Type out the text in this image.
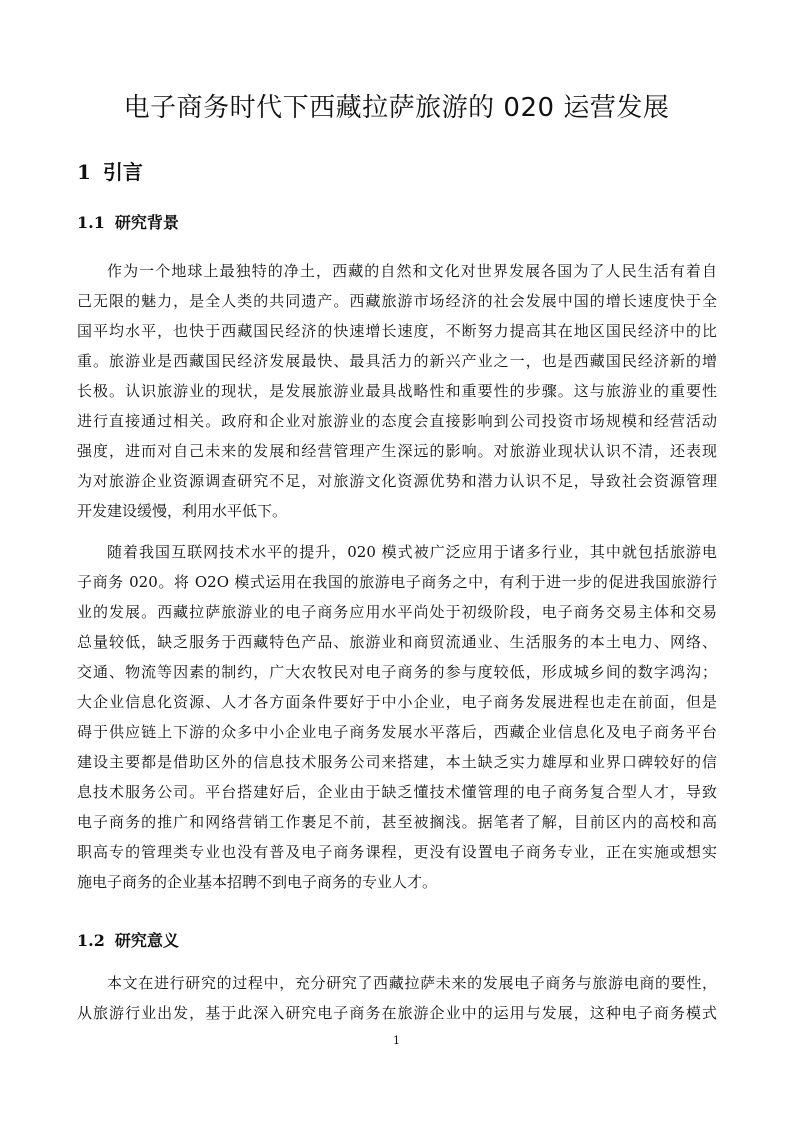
电子商务时代下西藏拉萨旅游的 020 运营发展
1 引言
1.1 研究背景
作为一个地球上最独特的净土，西藏的自然和文化对世界发展各国为了人民生活有着自
己无限的魅力，是全人类的共同遗产。西藏旅游市场经济的社会发展中国的增长速度快于全
国平均水平，也快于西藏国民经济的快速增长速度，不断努力提高其在地区国民经济中的比
重。旅游业是西藏国民经济发展最快、最具活力的新兴产业之一，也是西藏国民经济新的增
长极。认识旅游业的现状，是发展旅游业最具战略性和重要性的步骤。这与旅游业的重要性
进行直接通过相关。政府和企业对旅游业的态度会直接影响到公司投资市场规模和经营活动
强度，进而对自己未来的发展和经营管理产生深远的影响。对旅游业现状认识不清，还表现
为对旅游企业资源调查研究不足，对旅游文化资源优势和潜力认识不足，导致社会资源管理
开发建设缓慢，利用水平低下。
随着我国互联网技术水平的提升，020 模式被广泛应用于诸多行业，其中就包括旅游电
子商务 020。将 O2O 模式运用在我国的旅游电子商务之中，有利于进一步的促进我国旅游行
业的发展。西藏拉萨旅游业的电子商务应用水平尚处于初级阶段，电子商务交易主体和交易
总量较低，缺乏服务于西藏特色产品、旅游业和商贸流通业、生活服务的本土电力、网络、
交通、物流等因素的制约，广大农牧民对电子商务的参与度较低，形成城乡间的数字鸿沟；
大企业信息化资源、人才各方面条件要好于中小企业，电子商务发展进程也走在前面，但是
碍于供应链上下游的众多中小企业电子商务发展水平落后，西藏企业信息化及电子商务平台
建设主要都是借助区外的信息技术服务公司来搭建，本土缺乏实力雄厚和业界口碑较好的信
息技术服务公司。平台搭建好后，企业由于缺乏懂技术懂管理的电子商务复合型人才，导致
电子商务的推广和网络营销工作裹足不前，甚至被搁浅。据笔者了解，目前区内的高校和高
职高专的管理类专业也没有普及电子商务课程，更没有设置电子商务专业，正在实施或想实
施电子商务的企业基本招聘不到电子商务的专业人才。
1.2 研究意义
本文在进行研究的过程中，充分研究了西藏拉萨未来的发展电子商务与旅游电商的要性，
从旅游行业出发，基于此深入研究电子商务在旅游企业中的运用与发展，这种电子商务模式
1
